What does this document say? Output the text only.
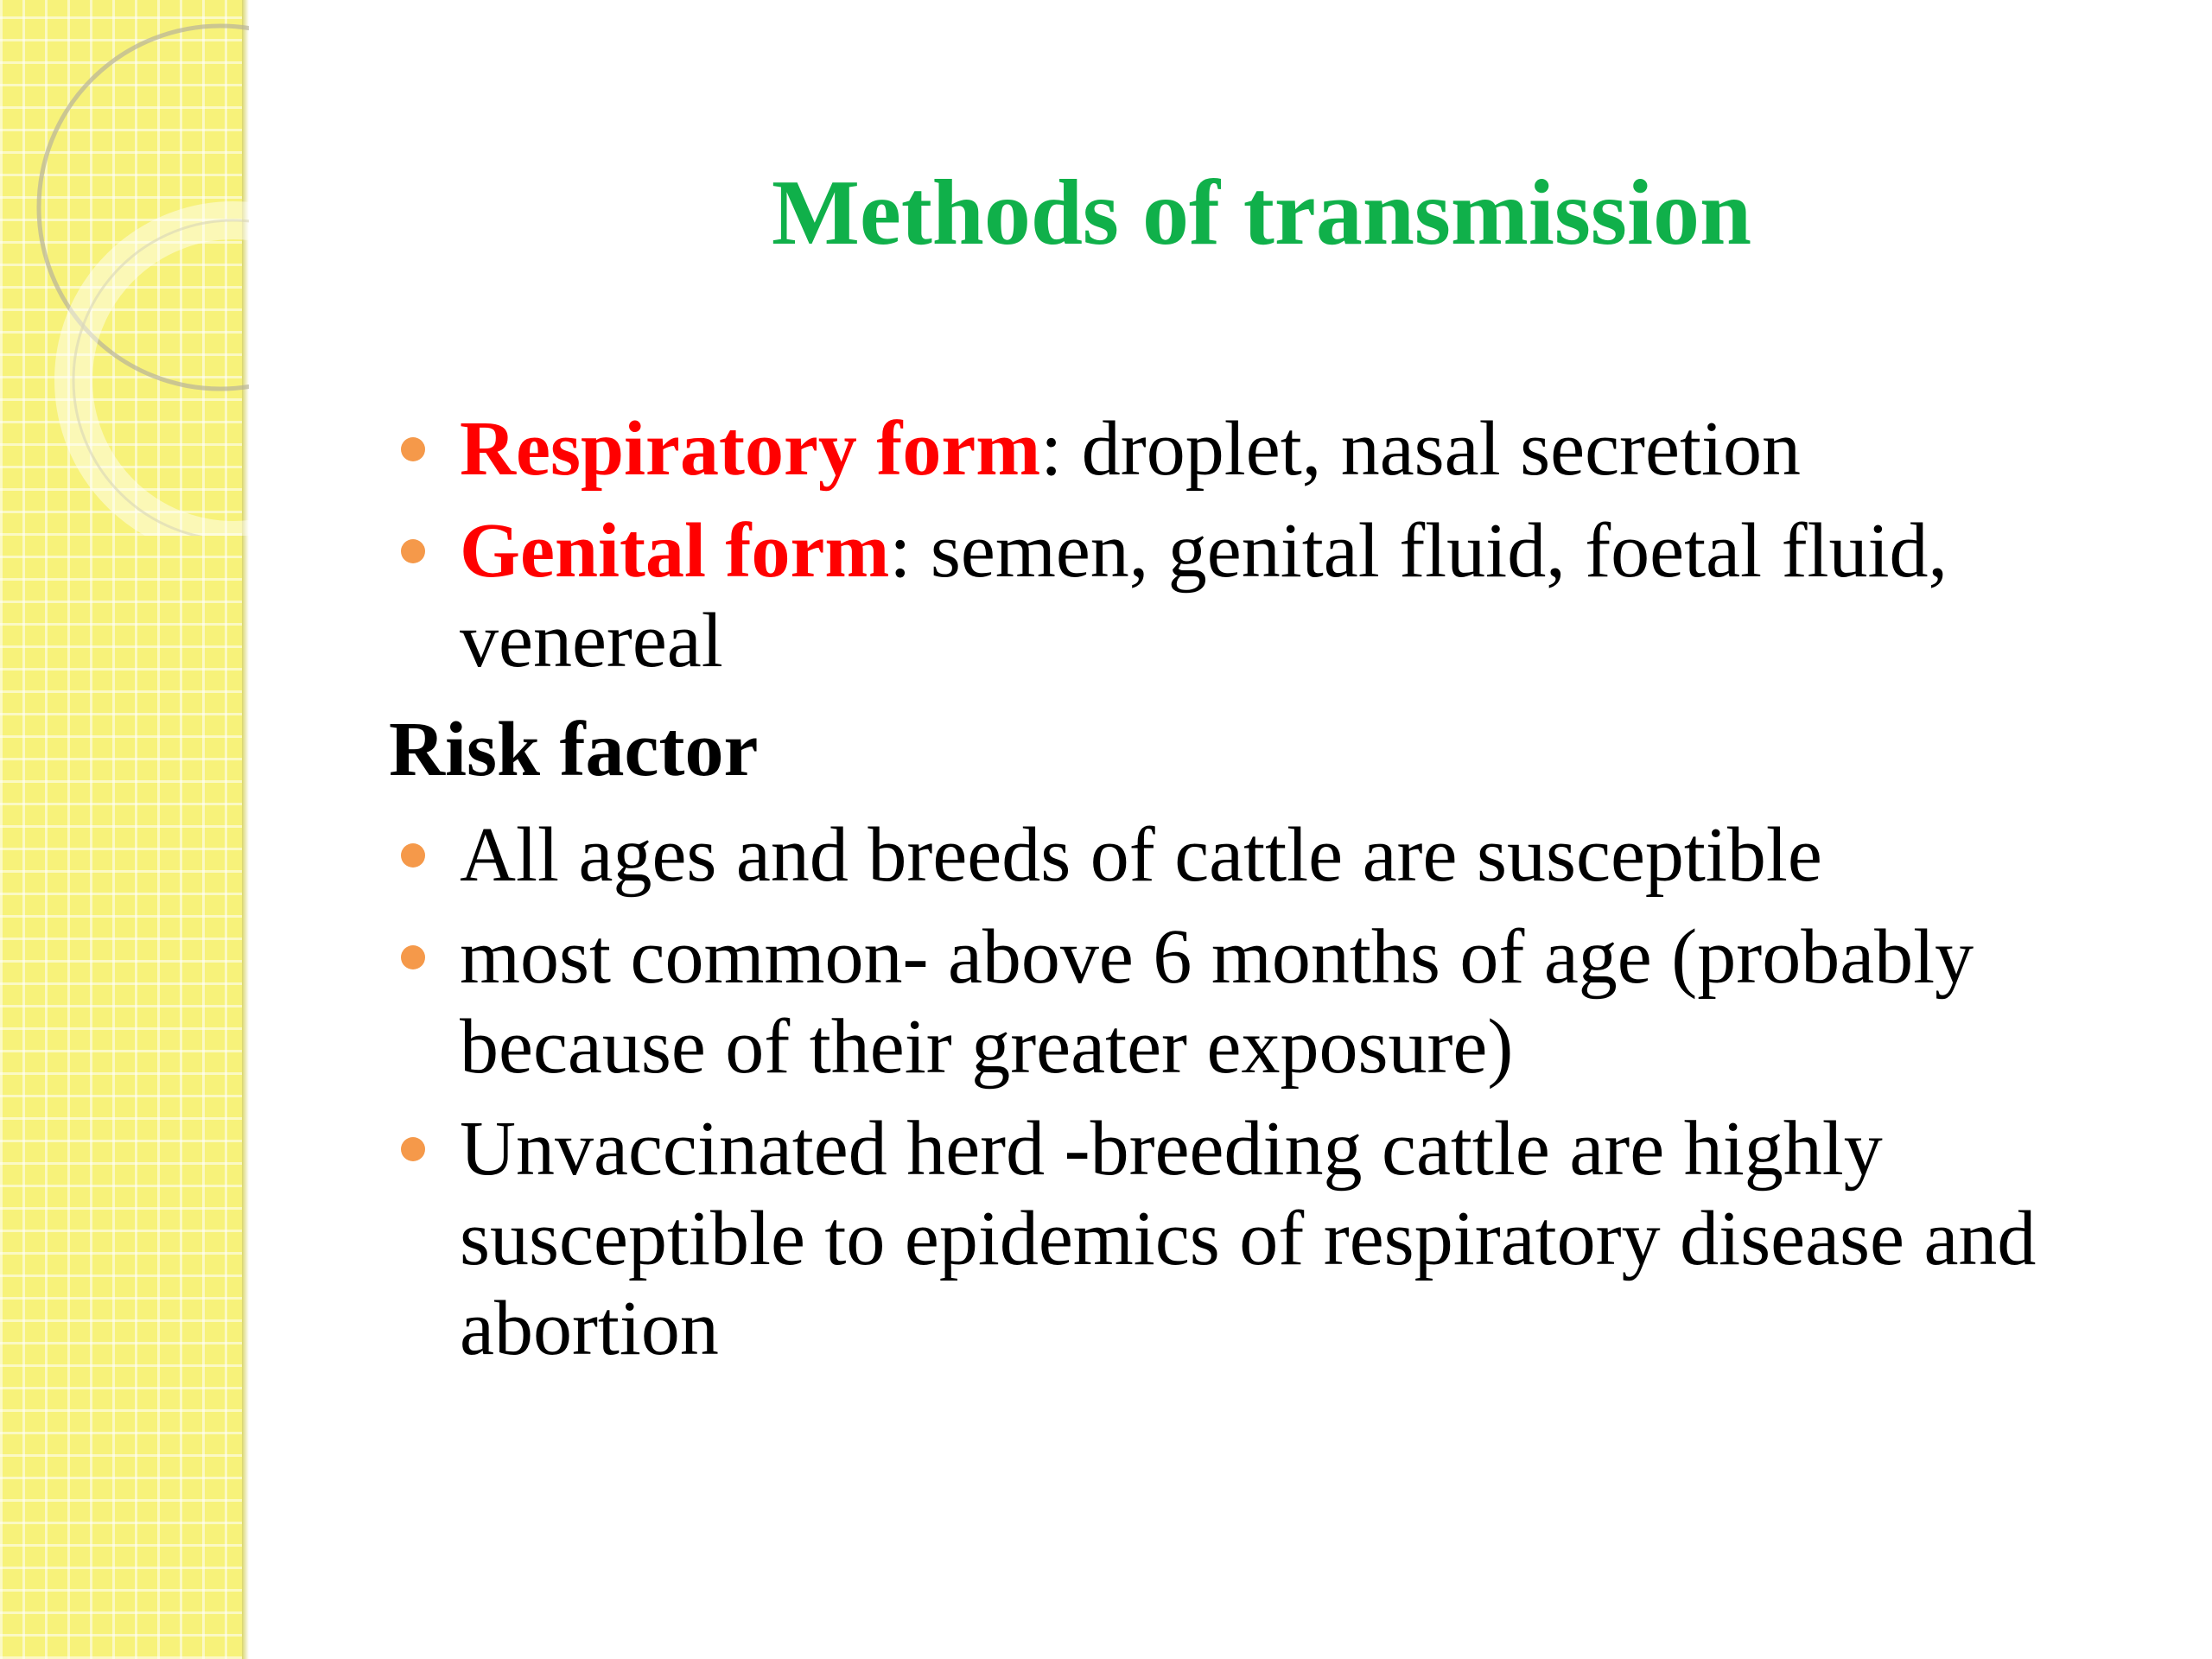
Methods of transmission
Respiratory form: droplet, nasal secretion
Genital form: semen, genital fluid, foetal fluid, venereal
Risk factor
All ages and breeds of cattle are susceptible
most common- above 6 months of age (probably because of their greater exposure)
Unvaccinated herd -breeding cattle are highly susceptible to epidemics of respiratory disease and abortion
